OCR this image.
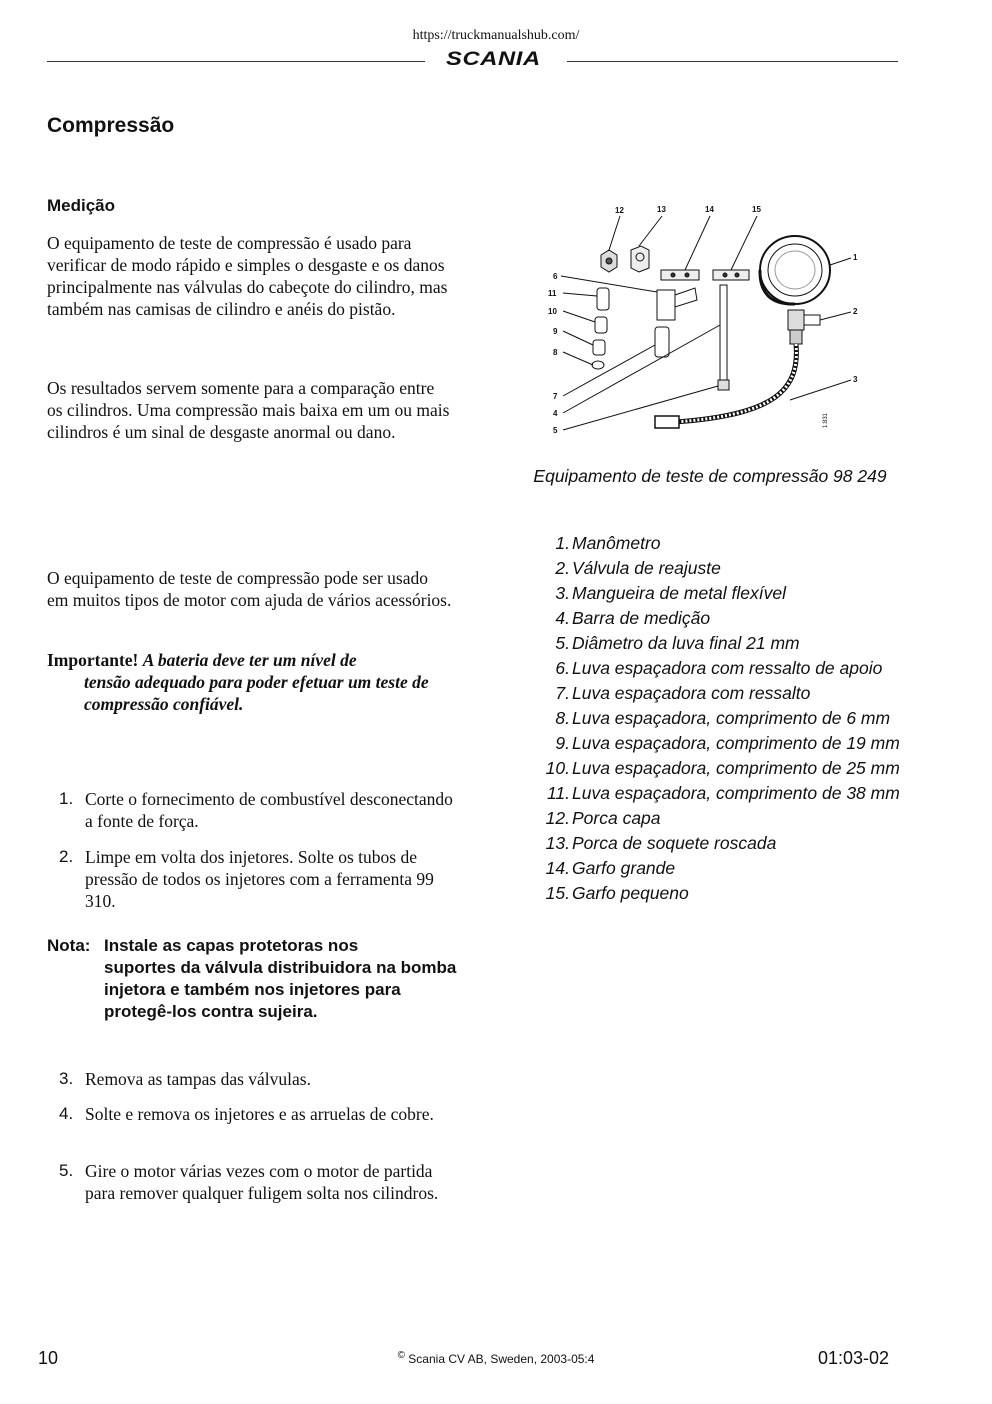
https://truckmanualshub.com/
SCANIA
Compressão
Medição

O equipamento de teste de compressão é usado para verificar de modo rápido e simples o desgaste e os danos principalmente nas válvulas do cabeçote do cilindro, mas também nas camisas de cilindro e anéis do pistão.

Os resultados servem somente para a comparação entre os cilindros. Uma compressão mais baixa em um ou mais cilindros é um sinal de desgaste anormal ou dano.

O equipamento de teste de compressão pode ser usado em muitos tipos de motor com ajuda de vários acessórios.

Importante! A bateria deve ter um nível de
tensão adequado para poder efetuar um teste de compressão confiável.
1. Corte o fornecimento de combustível desconectando a fonte de força.
2. Limpe em volta dos injetores. Solte os tubos de pressão de todos os injetores com a ferramenta 99 310.
Nota: Instale as capas protetoras nos
suportes da válvula distribuidora na bomba injetora e também nos injetores para protegê-los contra sujeira.
3. Remova as tampas das válvulas.
4. Solte e remova os injetores e as arruelas de cobre.
5. Gire o motor várias vezes com o motor de partida para remover qualquer fuligem solta nos cilindros.
1
2
3
4
5
6
7
8
9
10
11
12	13	14	15
1:831
Equipamento de teste de compressão 98 249
1. Manômetro
2. Válvula de reajuste
3. Mangueira de metal flexível
4. Barra de medição
5. Diâmetro da luva final 21 mm
6. Luva espaçadora com ressalto de apoio
7. Luva espaçadora com ressalto
8. Luva espaçadora, comprimento de 6 mm
9. Luva espaçadora, comprimento de 19 mm
10. Luva espaçadora, comprimento de 25 mm
11. Luva espaçadora, comprimento de 38 mm
12. Porca capa
13. Porca de soquete roscada
14. Garfo grande
15. Garfo pequeno
10	© Scania CV AB, Sweden, 2003-05:4	01:03-02
